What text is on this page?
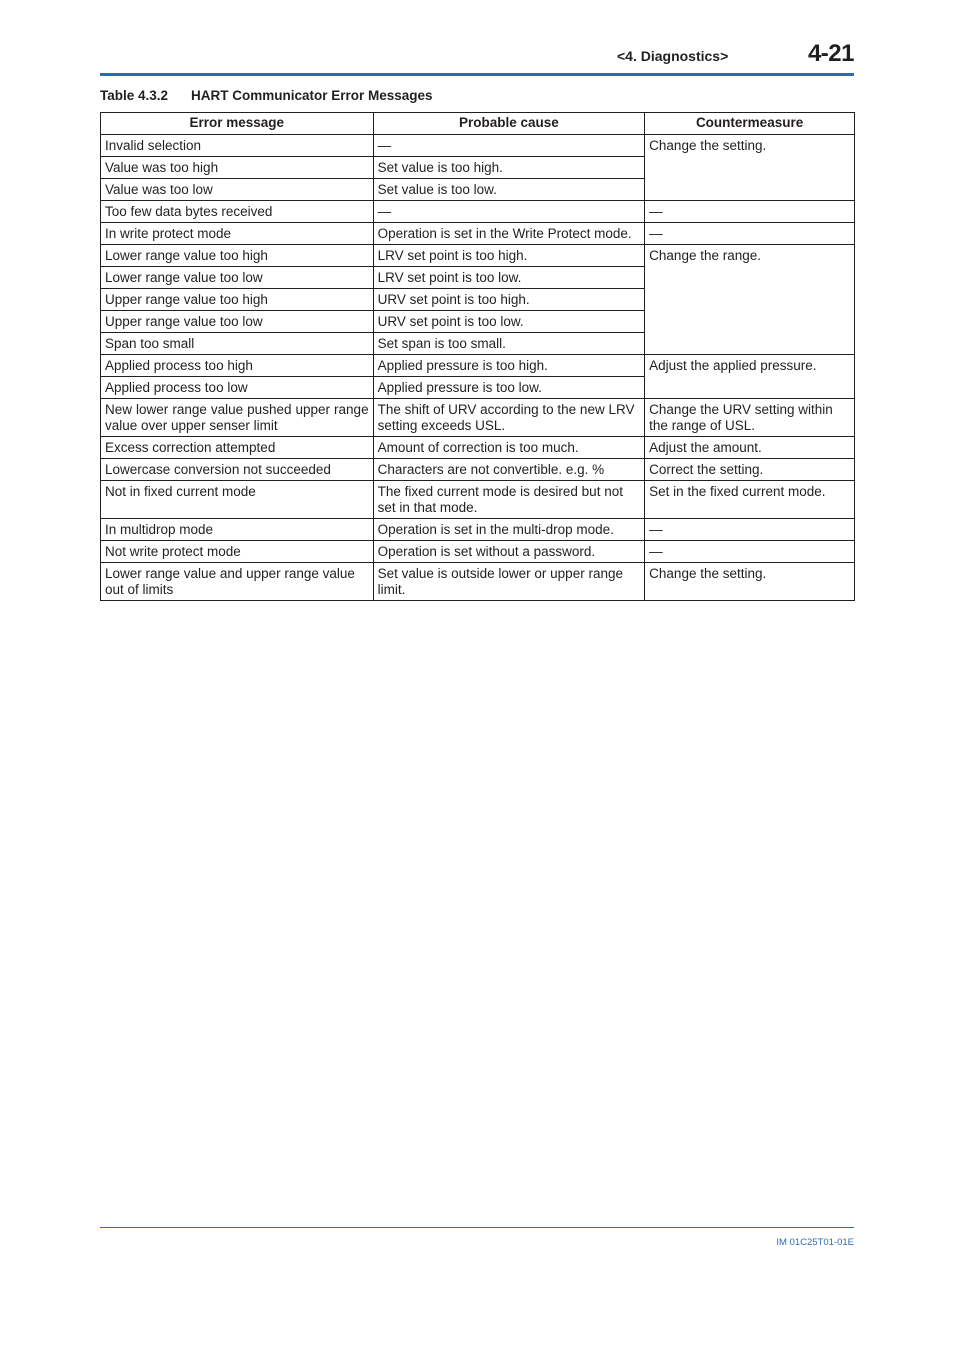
<4. Diagnostics>	4-21
Table 4.3.2 HART Communicator Error Messages
Error message	Probable cause	Countermeasure
Invalid selection	—	Change the setting.
Value was too high	Set value is too high.	
Value was too low	Set value is too low.	
Too few data bytes received	—	—
In write protect mode	Operation is set in the Write Protect mode.	—
Lower range value too high	LRV set point is too high.	Change the range.
Lower range value too low	LRV set point is too low.	
Upper range value too high	URV set point is too high.	
Upper range value too low	URV set point is too low.	
Span too small	Set span is too small.	
Applied process too high	Applied pressure is too high.	Adjust the applied pressure.
Applied process too low	Applied pressure is too low.	
New lower range value pushed upper range value over upper senser limit	The shift of URV according to the new LRV setting exceeds USL.	Change the URV setting within the range of USL.
Excess correction attempted	Amount of correction is too much.	Adjust the amount.
Lowercase conversion not succeeded	Characters are not convertible. e.g. %	Correct the setting.
Not in fixed current mode	The fixed current mode is desired but not set in that mode.	Set in the fixed current mode.
In multidrop mode	Operation is set in the multi-drop mode.	—
Not write protect mode	Operation is set without a password.	—
Lower range value and upper range value out of limits	Set value is outside lower or upper range limit.	Change the setting.
IM 01C25T01-01E
